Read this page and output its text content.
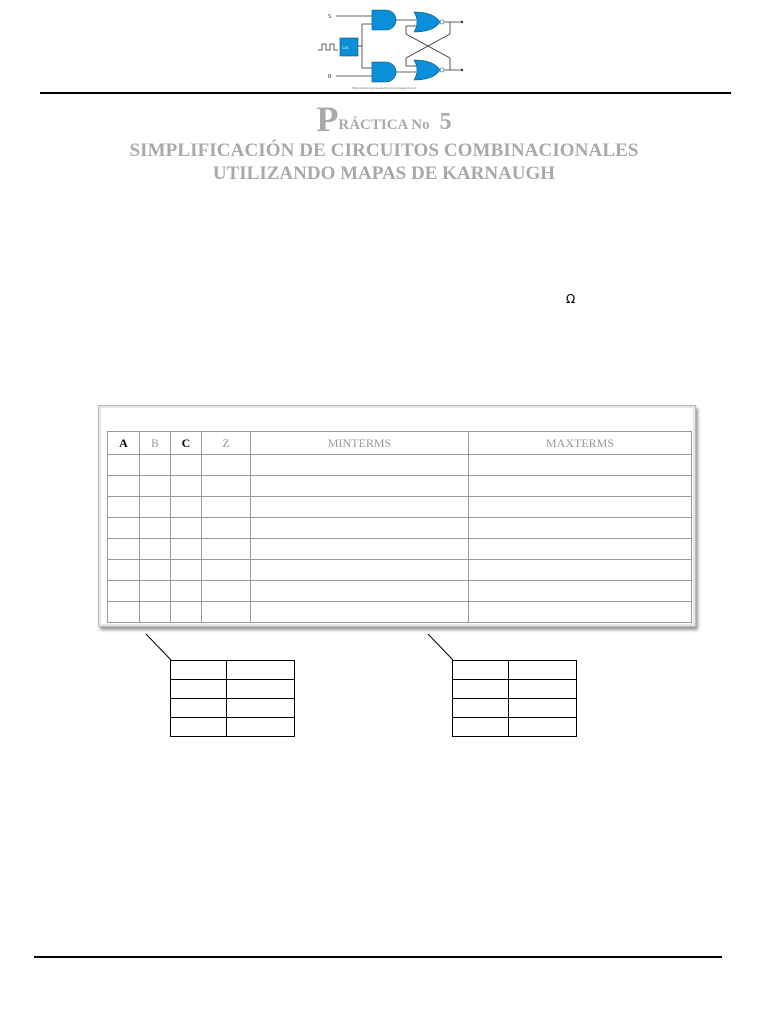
S
R
CLK
http://electronica-electronics.blogspot.com
PRÁCTICA No 5
SIMPLIFICACIÓN DE CIRCUITOS COMBINACIONALES
UTILIZANDO MAPAS DE KARNAUGH
Ω
A	B	C	Z	MINTERMS	MAXTERMS
